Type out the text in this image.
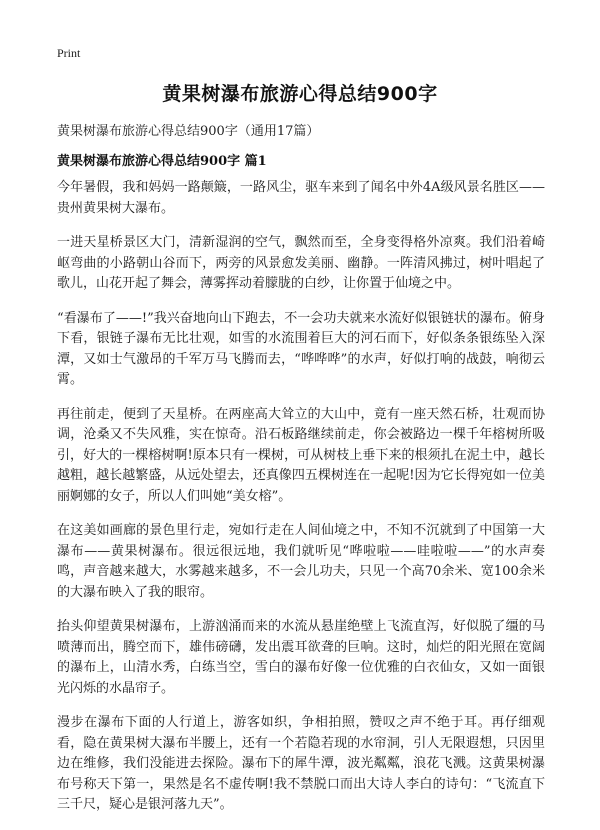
Print
黄果树瀑布旅游心得总结900字
黄果树瀑布旅游心得总结900字（通用17篇）
黄果树瀑布旅游心得总结900字 篇1

今年暑假，我和妈妈一路颠簸，一路风尘，驱车来到了闻名中外4A级风景名胜区——贵州黄果树大瀑布。

一进天星桥景区大门，清新湿润的空气，飘然而至，全身变得格外凉爽。我们沿着崎岖弯曲的小路朝山谷而下，两旁的风景愈发美丽、幽静。一阵清风拂过，树叶唱起了歌儿，山花开起了舞会，薄雾挥动着朦胧的白纱，让你置于仙境之中。

“看瀑布了——!”我兴奋地向山下跑去，不一会功夫就来水流好似银链状的瀑布。俯身下看，银链子瀑布无比壮观，如雪的水流围着巨大的河石而下，好似条条银练坠入深潭，又如士气激昂的千军万马飞腾而去，“哗哗哗”的水声，好似打响的战鼓，响彻云霄。

再往前走，便到了天星桥。在两座高大耸立的大山中，竟有一座天然石桥，壮观而协调，沧桑又不失风雅，实在惊奇。沿石板路继续前走，你会被路边一棵千年榕树所吸引，好大的一棵榕树啊!原本只有一棵树，可从树枝上垂下来的根须扎在泥土中，越长越粗，越长越繁盛，从远处望去，还真像四五棵树连在一起呢!因为它长得宛如一位美丽婀娜的女子，所以人们叫她“美女榕”。

在这美如画廊的景色里行走，宛如行走在人间仙境之中，不知不沉就到了中国第一大瀑布——黄果树瀑布。很远很远地，我们就听见“哗啦啦——哇啦啦——”的水声奏鸣，声音越来越大，水雾越来越多，不一会儿功夫，只见一个高70余米、宽100余米的大瀑布映入了我的眼帘。

抬头仰望黄果树瀑布，上游汹涌而来的水流从悬崖绝壁上飞流直泻，好似脱了缰的马喷薄而出，腾空而下，雄伟磅礴，发出震耳欲聋的巨响。这时，灿烂的阳光照在宽阔的瀑布上，山清水秀，白练当空，雪白的瀑布好像一位优雅的白衣仙女，又如一面银光闪烁的水晶帘子。

漫步在瀑布下面的人行道上，游客如织，争相拍照，赞叹之声不绝于耳。再仔细观看，隐在黄果树大瀑布半腰上，还有一个若隐若现的水帘洞，引人无限遐想，只因里边在维修，我们没能进去探险。瀑布下的犀牛潭，波光粼粼，浪花飞溅。这黄果树瀑布号称天下第一，果然是名不虚传啊!我不禁脱口而出大诗人李白的诗句：“飞流直下三千尺，疑心是银河落九天”。
